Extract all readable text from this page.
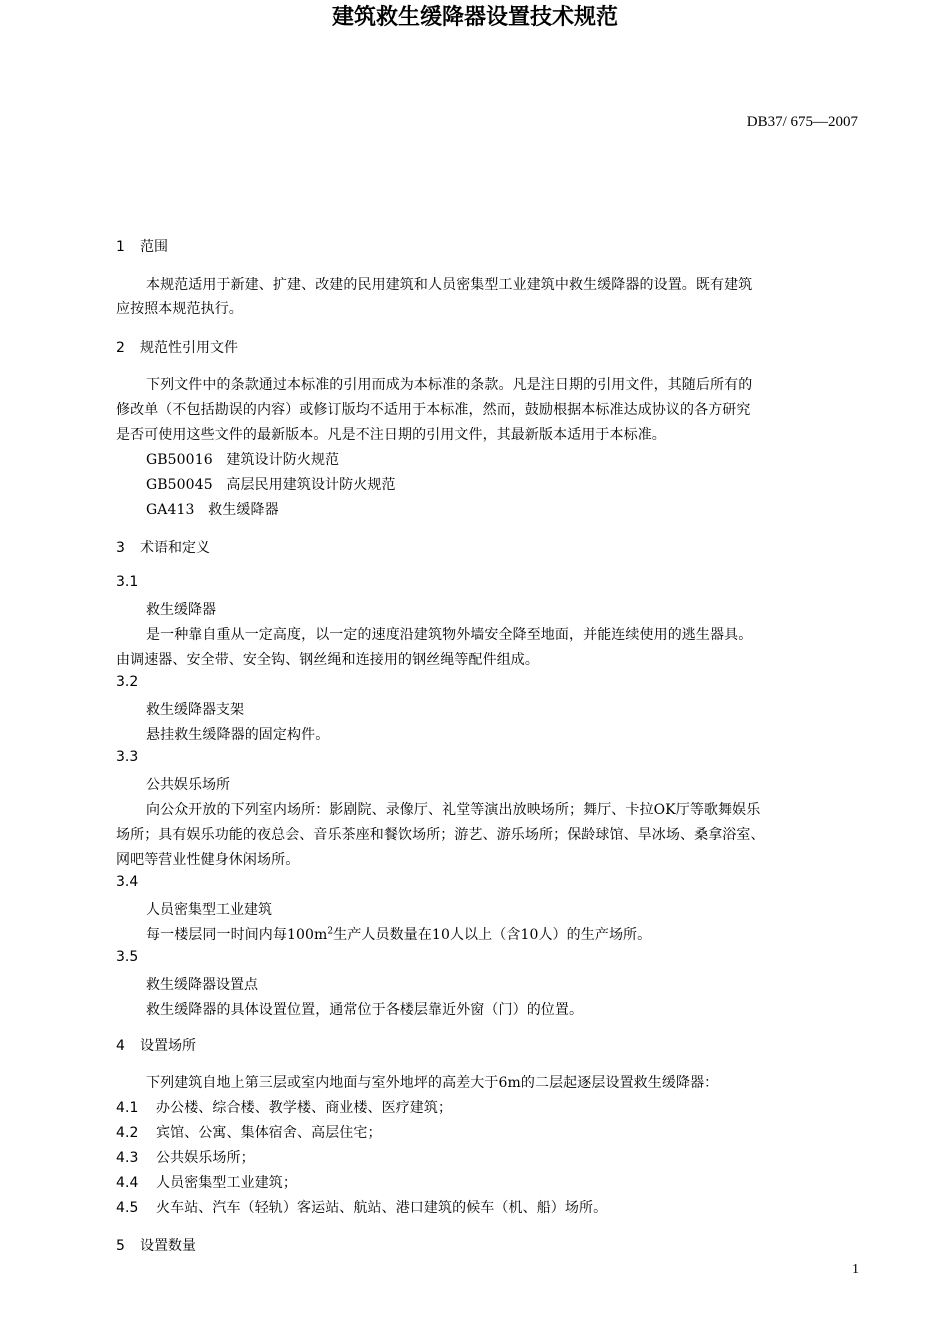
DB37/ 675—2007
建筑救生缓降器设置技术规范
1 范围
本规范适用于新建、扩建、改建的民用建筑和人员密集型工业建筑中救生缓降器的设置。既有建筑
应按照本规范执行。
2 规范性引用文件
下列文件中的条款通过本标准的引用而成为本标准的条款。凡是注日期的引用文件，其随后所有的
修改单（不包括勘误的内容）或修订版均不适用于本标准，然而，鼓励根据本标准达成协议的各方研究
是否可使用这些文件的最新版本。凡是不注日期的引用文件，其最新版本适用于本标准。
GB50016   建筑设计防火规范
GB50045   高层民用建筑设计防火规范
GA413   救生缓降器
3 术语和定义
3.1
救生缓降器
是一种靠自重从一定高度，以一定的速度沿建筑物外墙安全降至地面，并能连续使用的逃生器具。
由调速器、安全带、安全钩、钢丝绳和连接用的钢丝绳等配件组成。
3.2
救生缓降器支架
悬挂救生缓降器的固定构件。
3.3
公共娱乐场所
向公众开放的下列室内场所：影剧院、录像厅、礼堂等演出放映场所；舞厅、卡拉OK厅等歌舞娱乐
场所；具有娱乐功能的夜总会、音乐茶座和餐饮场所；游艺、游乐场所；保龄球馆、旱冰场、桑拿浴室、
网吧等营业性健身休闲场所。
3.4
人员密集型工业建筑
每一楼层同一时间内每$100m^2$生产人员数量在10人以上（含10人）的生产场所。
3.5
救生缓降器设置点
救生缓降器的具体设置位置，通常位于各楼层靠近外窗（门）的位置。
4 设置场所
下列建筑自地上第三层或室内地面与室外地坪的高差大于6m的二层起逐层设置救生缓降器：
4.1 办公楼、综合楼、教学楼、商业楼、医疗建筑；
4.2 宾馆、公寓、集体宿舍、高层住宅；
4.3 公共娱乐场所；
4.4 人员密集型工业建筑；
4.5 火车站、汽车（轻轨）客运站、航站、港口建筑的候车（机、船）场所。
5 设置数量
1
